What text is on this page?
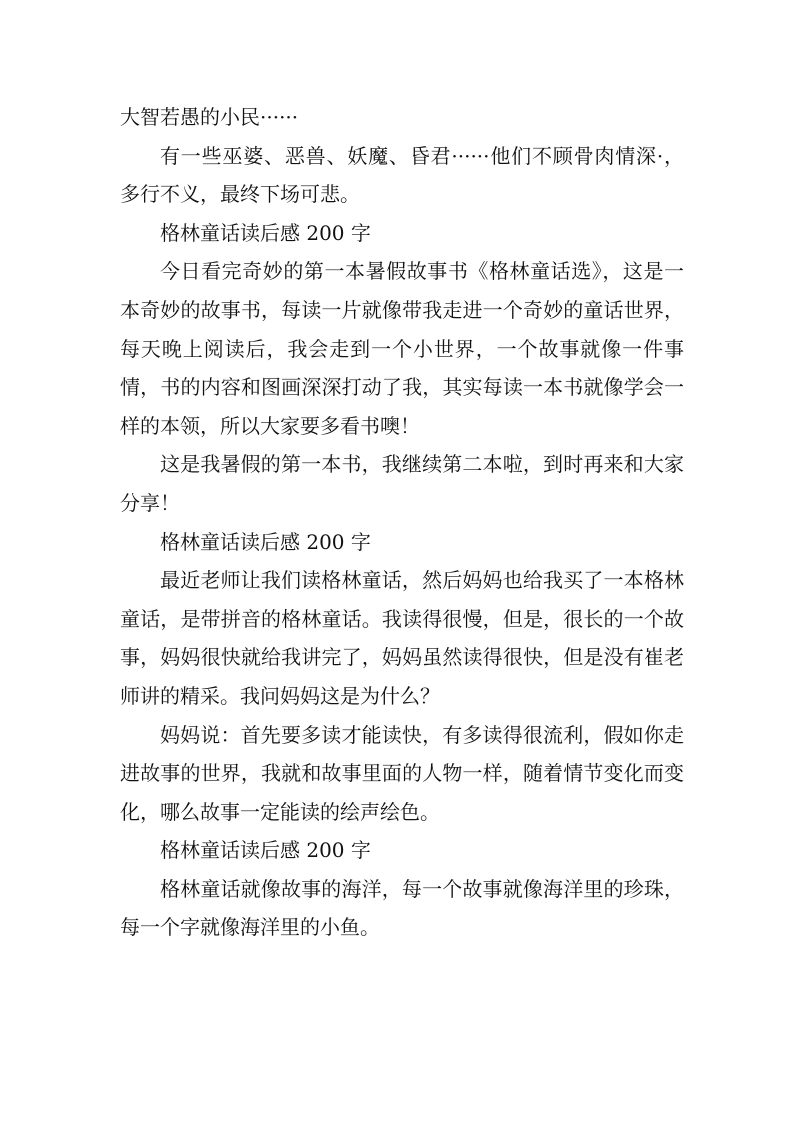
大智若愚的小民······

有一些巫婆、恶兽、妖魔、昏君······他们不顾骨肉情深·，多行不义，最终下场可悲。

格林童话读后感 200 字

今日看完奇妙的第一本暑假故事书《格林童话选》，这是一本奇妙的故事书，每读一片就像带我走进一个奇妙的童话世界，每天晚上阅读后，我会走到一个小世界，一个故事就像一件事情，书的内容和图画深深打动了我，其实每读一本书就像学会一样的本领，所以大家要多看书噢！

这是我暑假的第一本书，我继续第二本啦，到时再来和大家分享！

格林童话读后感 200 字

最近老师让我们读格林童话，然后妈妈也给我买了一本格林童话，是带拼音的格林童话。我读得很慢，但是，很长的一个故事，妈妈很快就给我讲完了，妈妈虽然读得很快，但是没有崔老师讲的精采。我问妈妈这是为什么？

妈妈说：首先要多读才能读快，有多读得很流利，假如你走进故事的世界，我就和故事里面的人物一样，随着情节变化而变化，哪么故事一定能读的绘声绘色。

格林童话读后感 200 字

格林童话就像故事的海洋，每一个故事就像海洋里的珍珠，每一个字就像海洋里的小鱼。
